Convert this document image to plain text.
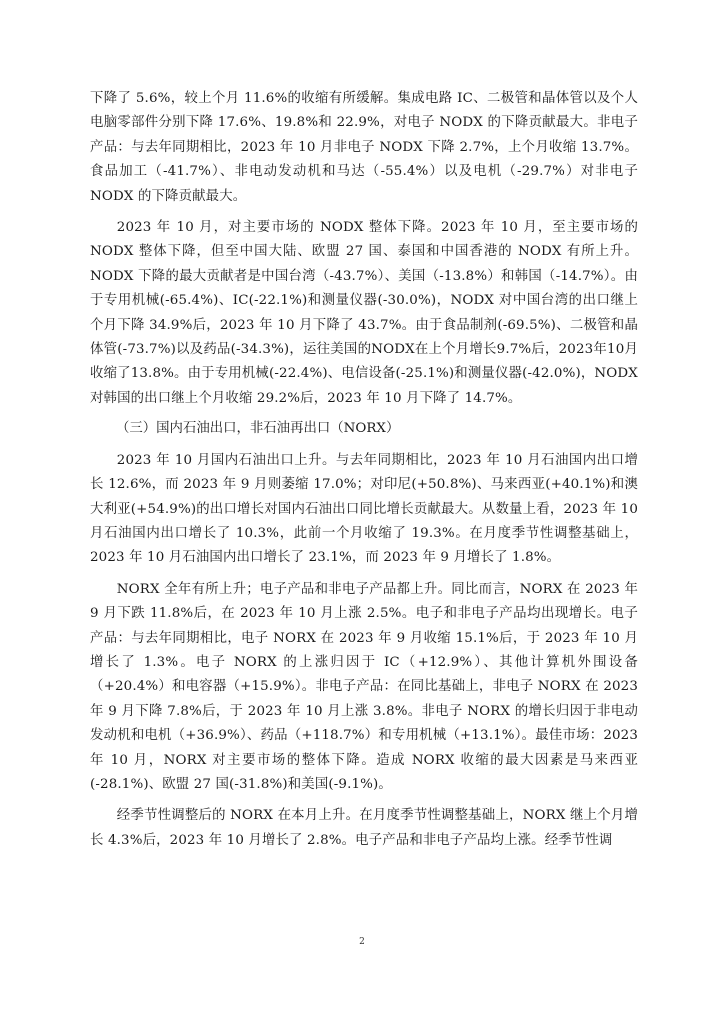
下降了 5.6%，较上个月 11.6%的收缩有所缓解。集成电路 IC、二极管和晶体管以及个人电脑零部件分别下降 17.6%、19.8%和 22.9%，对电子 NODX 的下降贡献最大。非电子产品：与去年同期相比，2023 年 10 月非电子 NODX 下降 2.7%，上个月收缩 13.7%。食品加工（-41.7%）、非电动发动机和马达（-55.4%）以及电机（-29.7%）对非电子 NODX 的下降贡献最大。

2023 年 10 月，对主要市场的 NODX 整体下降。2023 年 10 月，至主要市场的 NODX 整体下降，但至中国大陆、欧盟 27 国、泰国和中国香港的 NODX 有所上升。NODX 下降的最大贡献者是中国台湾（-43.7%）、美国（-13.8%）和韩国（-14.7%）。由于专用机械(-65.4%)、IC(-22.1%)和测量仪器(-30.0%)，NODX 对中国台湾的出口继上个月下降 34.9%后，2023 年 10 月下降了 43.7%。由于食品制剂(-69.5%)、二极管和晶体管(-73.7%)以及药品(-34.3%)，运往美国的NODX在上个月增长9.7%后，2023年10月收缩了13.8%。由于专用机械(-22.4%)、电信设备(-25.1%)和测量仪器(-42.0%)，NODX 对韩国的出口继上个月收缩 29.2%后，2023 年 10 月下降了 14.7%。

（三）国内石油出口，非石油再出口（NORX）

2023 年 10 月国内石油出口上升。与去年同期相比，2023 年 10 月石油国内出口增长 12.6%，而 2023 年 9 月则萎缩 17.0%；对印尼(+50.8%)、马来西亚(+40.1%)和澳大利亚(+54.9%)的出口增长对国内石油出口同比增长贡献最大。从数量上看，2023 年 10 月石油国内出口增长了 10.3%，此前一个月收缩了 19.3%。在月度季节性调整基础上，2023 年 10 月石油国内出口增长了 23.1%，而 2023 年 9 月增长了 1.8%。

NORX 全年有所上升；电子产品和非电子产品都上升。同比而言，NORX 在 2023 年 9 月下跌 11.8%后，在 2023 年 10 月上涨 2.5%。电子和非电子产品均出现增长。电子产品：与去年同期相比，电子 NORX 在 2023 年 9 月收缩 15.1%后，于 2023 年 10 月增长了 1.3%。电子 NORX 的上涨归因于 IC（+12.9%）、其他计算机外围设备（+20.4%）和电容器（+15.9%）。非电子产品：在同比基础上，非电子 NORX 在 2023 年 9 月下降 7.8%后，于 2023 年 10 月上涨 3.8%。非电子 NORX 的增长归因于非电动发动机和电机（+36.9%）、药品（+118.7%）和专用机械（+13.1%）。最佳市场：2023 年 10 月，NORX 对主要市场的整体下降。造成 NORX 收缩的最大因素是马来西亚(-28.1%)、欧盟 27 国(-31.8%)和美国(-9.1%)。

经季节性调整后的 NORX 在本月上升。在月度季节性调整基础上，NORX 继上个月增长 4.3%后，2023 年 10 月增长了 2.8%。电子产品和非电子产品均上涨。经季节性调

2
